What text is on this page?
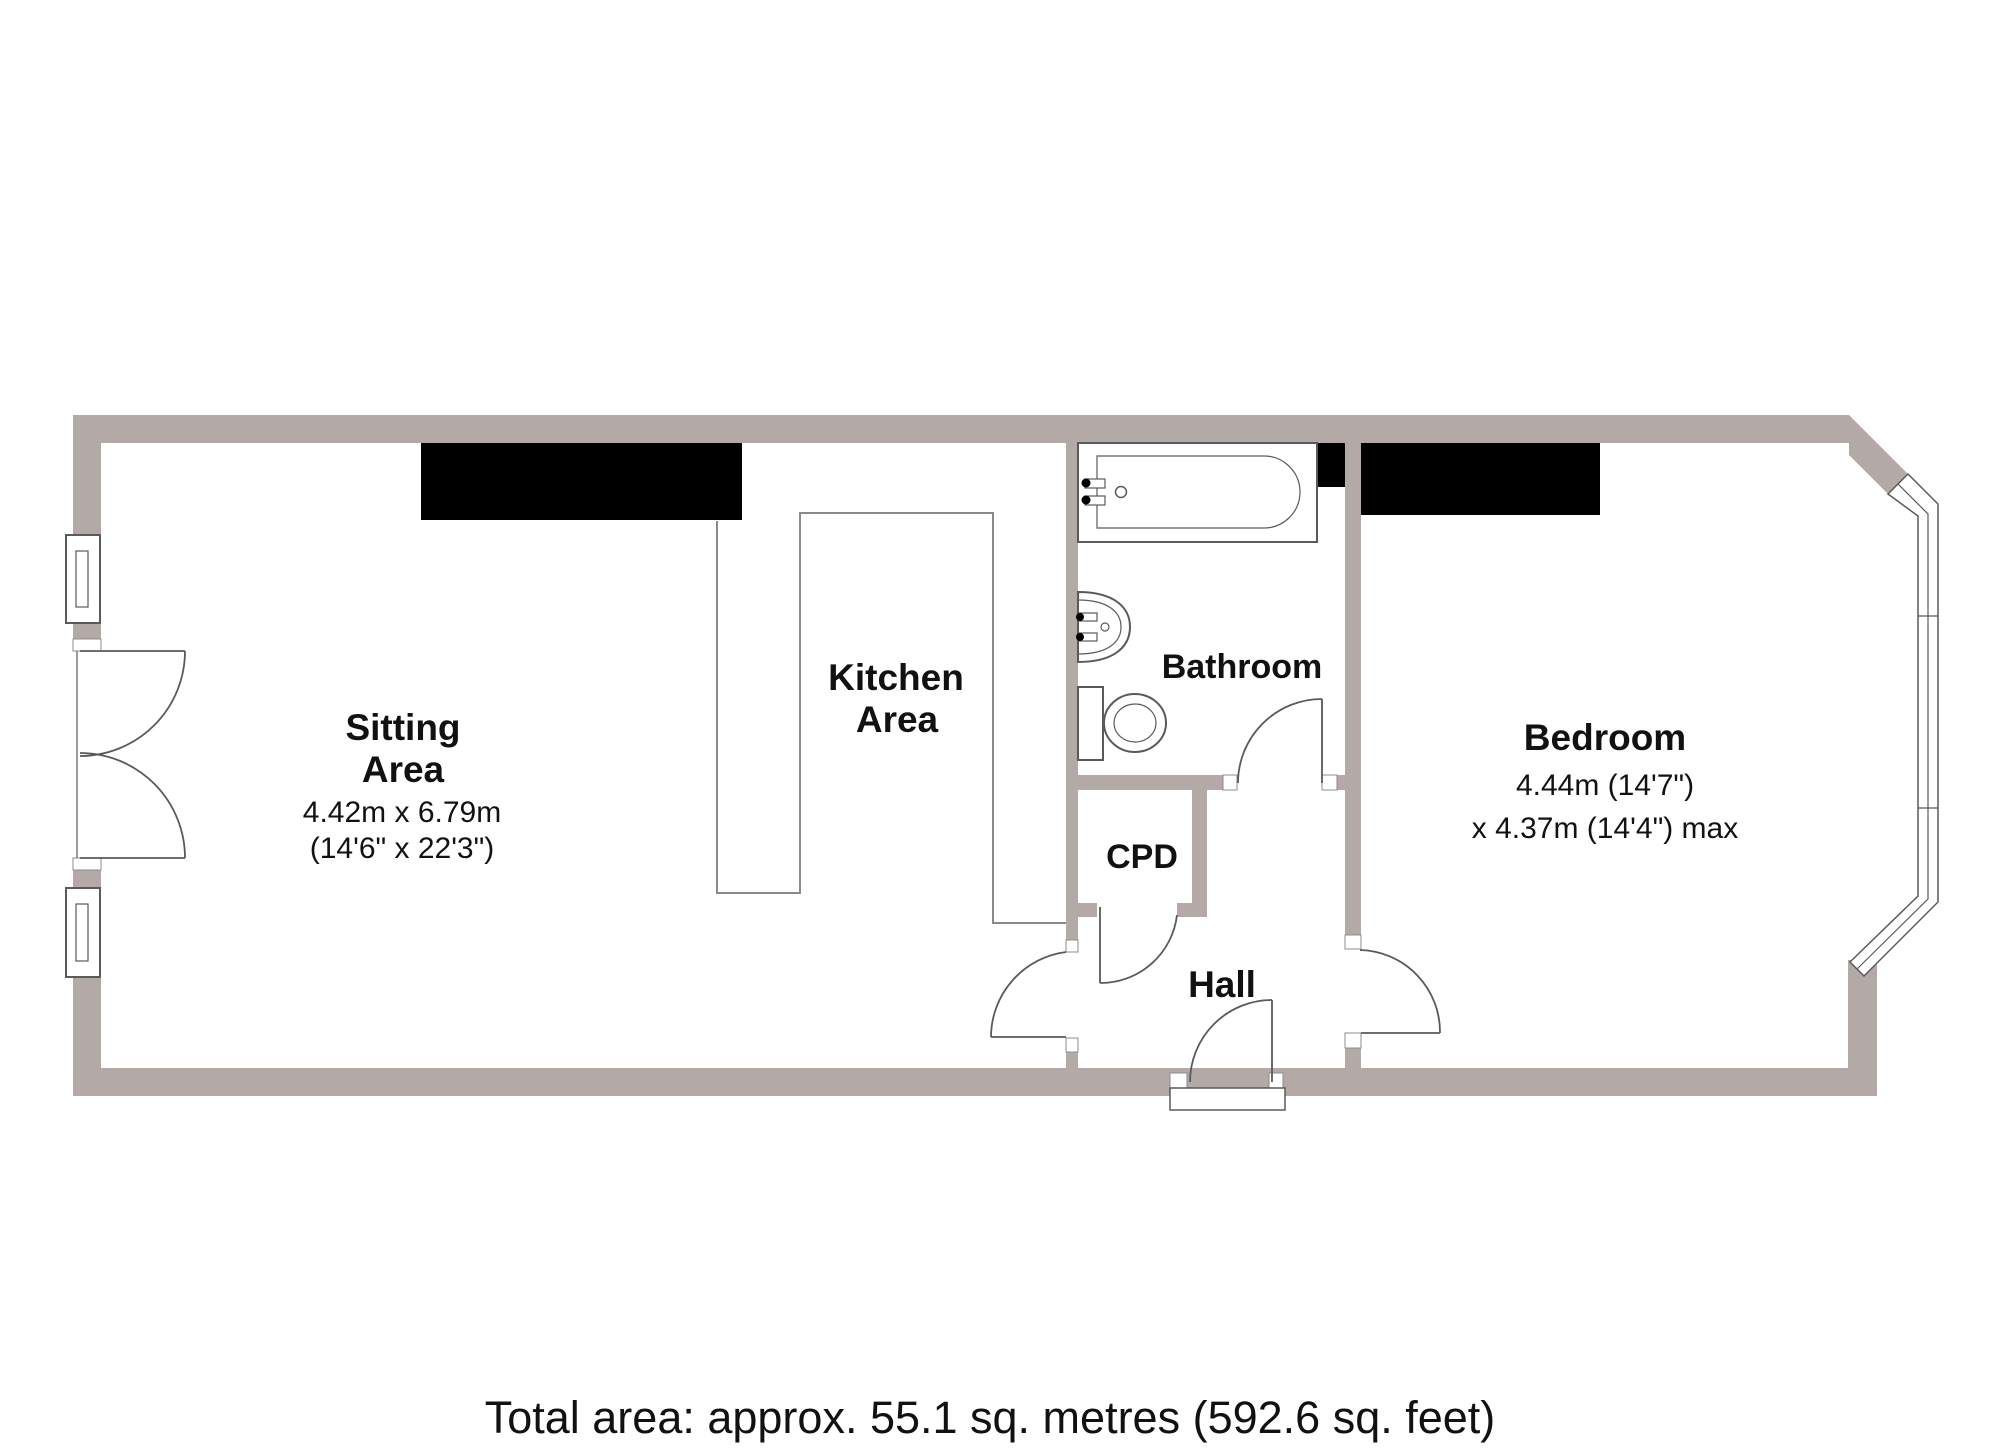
Sitting
Area
4.42m x 6.79m
(14'6" x 22'3")
Kitchen
Area
Bathroom
CPD
Hall
Bedroom
4.44m (14'7")
x 4.37m (14'4") max
Total area: approx. 55.1 sq. metres (592.6 sq. feet)
